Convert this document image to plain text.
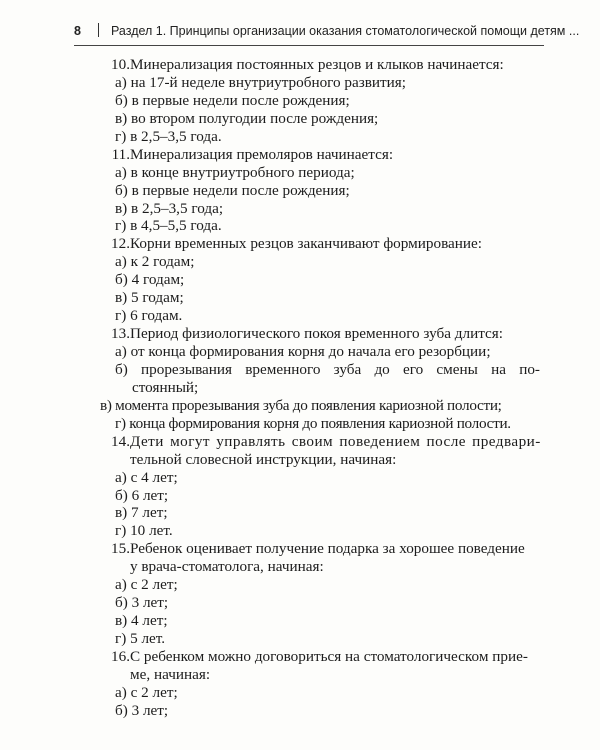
8 Раздел 1. Принципы организации оказания стоматологической помощи детям ...
10. Минерализация постоянных резцов и клыков начинается:
а) на 17-й неделе внутриутробного развития;
б) в первые недели после рождения;
в) во втором полугодии после рождения;
г) в 2,5–3,5 года.
11. Минерализация премоляров начинается:
а) в конце внутриутробного периода;
б) в первые недели после рождения;
в) в 2,5–3,5 года;
г) в 4,5–5,5 года.
12. Корни временных резцов заканчивают формирование:
а) к 2 годам;
б) 4 годам;
в) 5 годам;
г) 6 годам.
13. Период физиологического покоя временного зуба длится:
а) от конца формирования корня до начала его резорбции;
б) прорезывания временного зуба до его смены на по-
стоянный;
в) момента прорезывания зуба до появления кариозной полости;
г) конца формирования корня до появления кариозной полости.
14. Дети могут управлять своим поведением после предвари-
тельной словесной инструкции, начиная:
а) с 4 лет;
б) 6 лет;
в) 7 лет;
г) 10 лет.
15. Ребенок оценивает получение подарка за хорошее поведение
у врача-стоматолога, начиная:
а) с 2 лет;
б) 3 лет;
в) 4 лет;
г) 5 лет.
16. С ребенком можно договориться на стоматологическом прие-
ме, начиная:
а) с 2 лет;
б) 3 лет;
